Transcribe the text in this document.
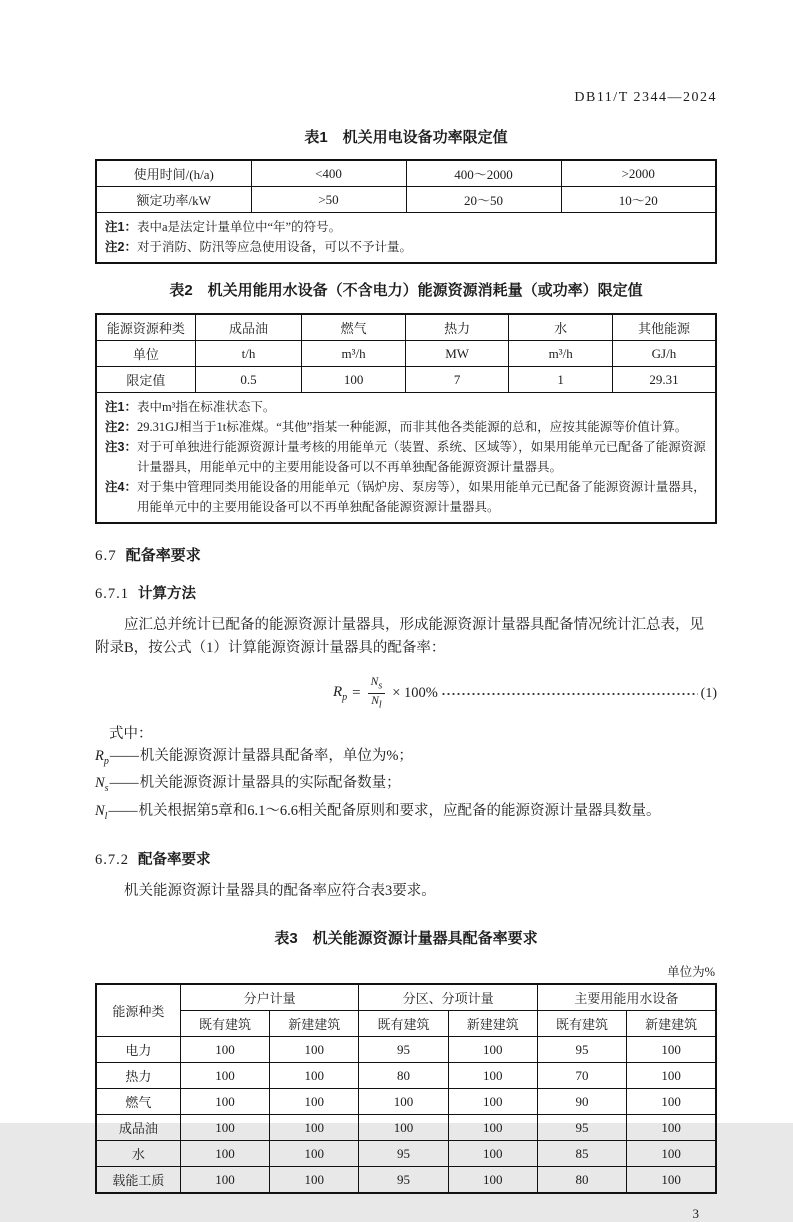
DB11/T 2344—2024
表1　机关用电设备功率限定值
使用时间/(h/a)	<400	400～2000	>2000
额定功率/kW	>50	20～50	10～20

注1： 表中a是法定计量单位中“年”的符号。
注2： 对于消防、防汛等应急使用设备，可以不予计量。			
表2　机关用能用水设备（不含电力）能源资源消耗量（或功率）限定值
能源资源种类	成品油	燃气	热力	水	其他能源
单位	t/h	m³/h	MW	m³/h	GJ/h
限定值	0.5	100	7	1	29.31

注1： 表中m³指在标准状态下。
注2： 29.31GJ相当于1t标准煤。“其他”指某一种能源，而非其他各类能源的总和，应按其能源等价值计算。
注3： 对于可单独进行能源资源计量考核的用能单元（装置、系统、区域等），如果用能单元已配备了能源资源计量器具，用能单元中的主要用能设备可以不再单独配备能源资源计量器具。
注4： 对于集中管理同类用能设备的用能单元（锅炉房、泵房等），如果用能单元已配备了能源资源计量器具，用能单元中的主要用能设备可以不再单独配备能源资源计量器具。
6.7 配备率要求
6.7.1 计算方法

应汇总并统计已配备的能源资源计量器具，形成能源资源计量器具配备情况统计汇总表，见附录B，按公式（1）计算能源资源计量器具的配备率：

$R_p = \frac{N_s}{N_l} \times 100\%$	(1)
式中：
$R_p$ —— 机关能源资源计量器具配备率，单位为%；
$N_s$ —— 机关能源资源计量器具的实际配备数量；
$N_l$ —— 机关根据第5章和6.1～6.6相关配备原则和要求，应配备的能源资源计量器具数量。
6.7.2 配备率要求

机关能源资源计量器具的配备率应符合表3要求。

表3　机关能源资源计量器具配备率要求
单位为%
能源种类	分户计量		分区、分项计量		主要用能用水设备	
	既有建筑	新建建筑	既有建筑	新建建筑	既有建筑	新建建筑
电力	100	100	95	100	95	100
热力	100	100	80	100	70	100
燃气	100	100	100	100	90	100
成品油	100	100	100	100	95	100
水	100	100	95	100	85	100
载能工质	100	100	95	100	80	100
3
